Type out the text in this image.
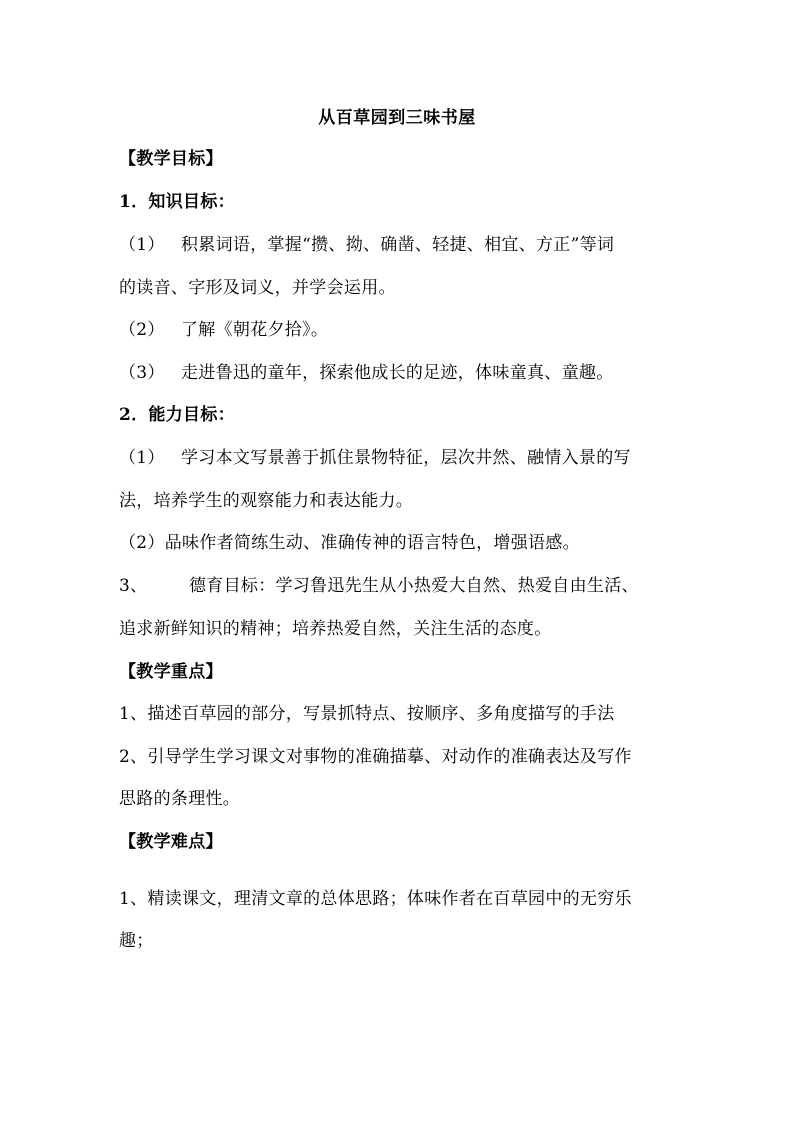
从百草园到三味书屋
【教学目标】
1．知识目标：
（1） 积累词语，掌握“攒、拗、确凿、轻捷、相宜、方正”等词
的读音、字形及词义，并学会运用。
（2） 了解《朝花夕拾》。
（3） 走进鲁迅的童年，探索他成长的足迹，体味童真、童趣。
2．能力目标：
（1） 学习本文写景善于抓住景物特征，层次井然、融情入景的写
法，培养学生的观察能力和表达能力。
（2）品味作者简练生动、准确传神的语言特色，增强语感。
3、 德育目标：学习鲁迅先生从小热爱大自然、热爱自由生活、
追求新鲜知识的精神；培养热爱自然，关注生活的态度。
【教学重点】
1、描述百草园的部分，写景抓特点、按顺序、多角度描写的手法
2、引导学生学习课文对事物的准确描摹、对动作的准确表达及写作
思路的条理性。
【教学难点】
1、精读课文，理清文章的总体思路；体味作者在百草园中的无穷乐
趣；
